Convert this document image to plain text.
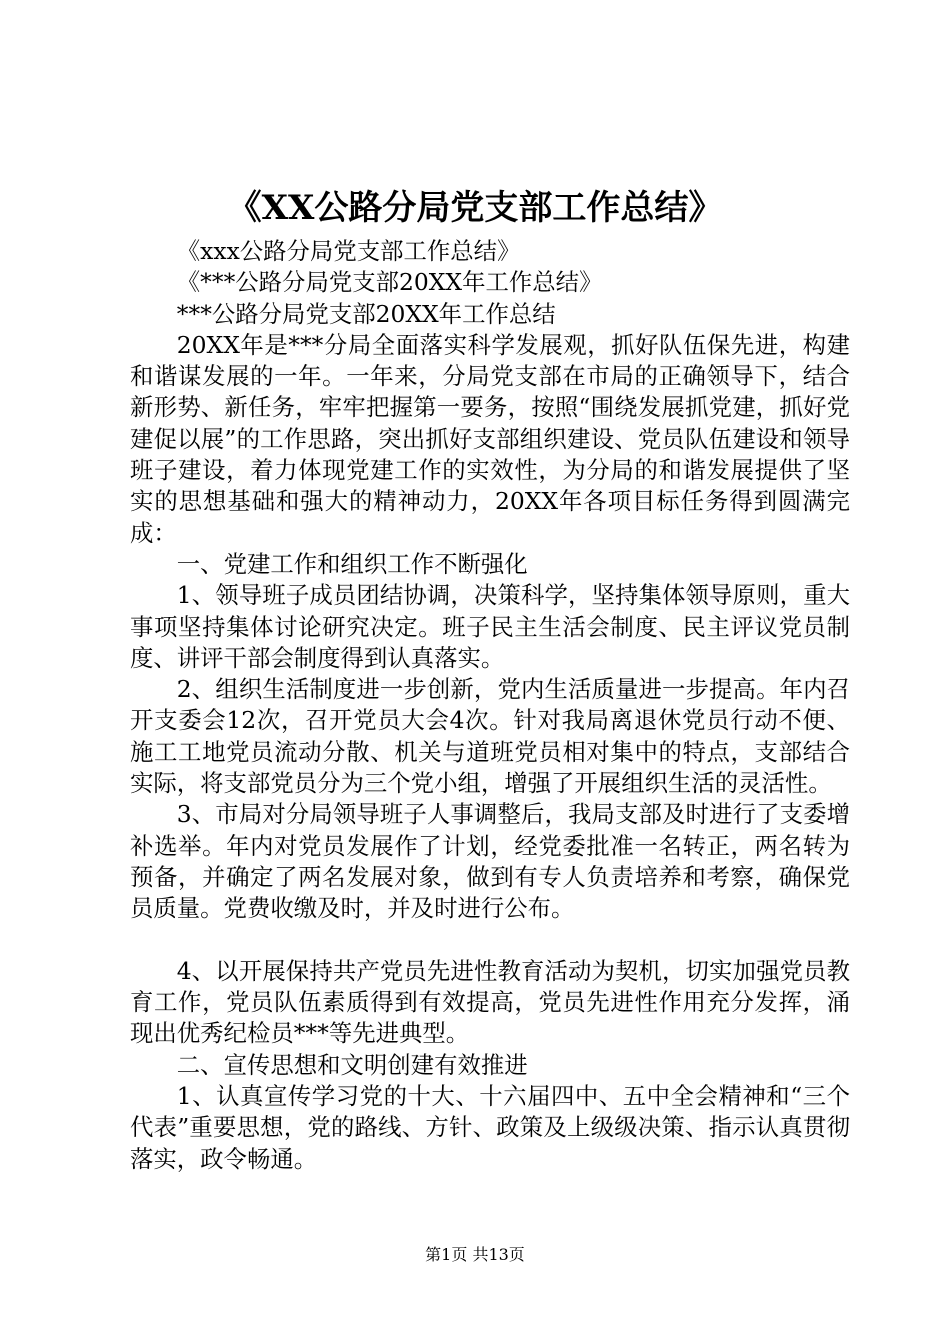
《XX公路分局党支部工作总结》

《xxx公路分局党支部工作总结》

《***公路分局党支部20XX年工作总结》

***公路分局党支部20XX年工作总结

20XX年是***分局全面落实科学发展观，抓好队伍保先进，构建和谐谋发展的一年。一年来，分局党支部在市局的正确领导下，结合新形势、新任务，牢牢把握第一要务，按照“围绕发展抓党建，抓好党建促以展”的工作思路，突出抓好支部组织建设、党员队伍建设和领导班子建设，着力体现党建工作的实效性，为分局的和谐发展提供了坚实的思想基础和强大的精神动力，20XX年各项目标任务得到圆满完成：

一、党建工作和组织工作不断强化

1、领导班子成员团结协调，决策科学，坚持集体领导原则，重大事项坚持集体讨论研究决定。班子民主生活会制度、民主评议党员制度、讲评干部会制度得到认真落实。

2、组织生活制度进一步创新，党内生活质量进一步提高。年内召开支委会12次，召开党员大会4次。针对我局离退休党员行动不便、施工工地党员流动分散、机关与道班党员相对集中的特点，支部结合实际，将支部党员分为三个党小组，增强了开展组织生活的灵活性。

3、市局对分局领导班子人事调整后，我局支部及时进行了支委增补选举。年内对党员发展作了计划，经党委批准一名转正，两名转为预备，并确定了两名发展对象，做到有专人负责培养和考察，确保党员质量。党费收缴及时，并及时进行公布。

4、以开展保持共产党员先进性教育活动为契机，切实加强党员教育工作，党员队伍素质得到有效提高，党员先进性作用充分发挥，涌现出优秀纪检员***等先进典型。

二、宣传思想和文明创建有效推进

1、认真宣传学习党的十大、十六届四中、五中全会精神和“三个代表”重要思想，党的路线、方针、政策及上级级决策、指示认真贯彻落实，政令畅通。

第1页 共13页
